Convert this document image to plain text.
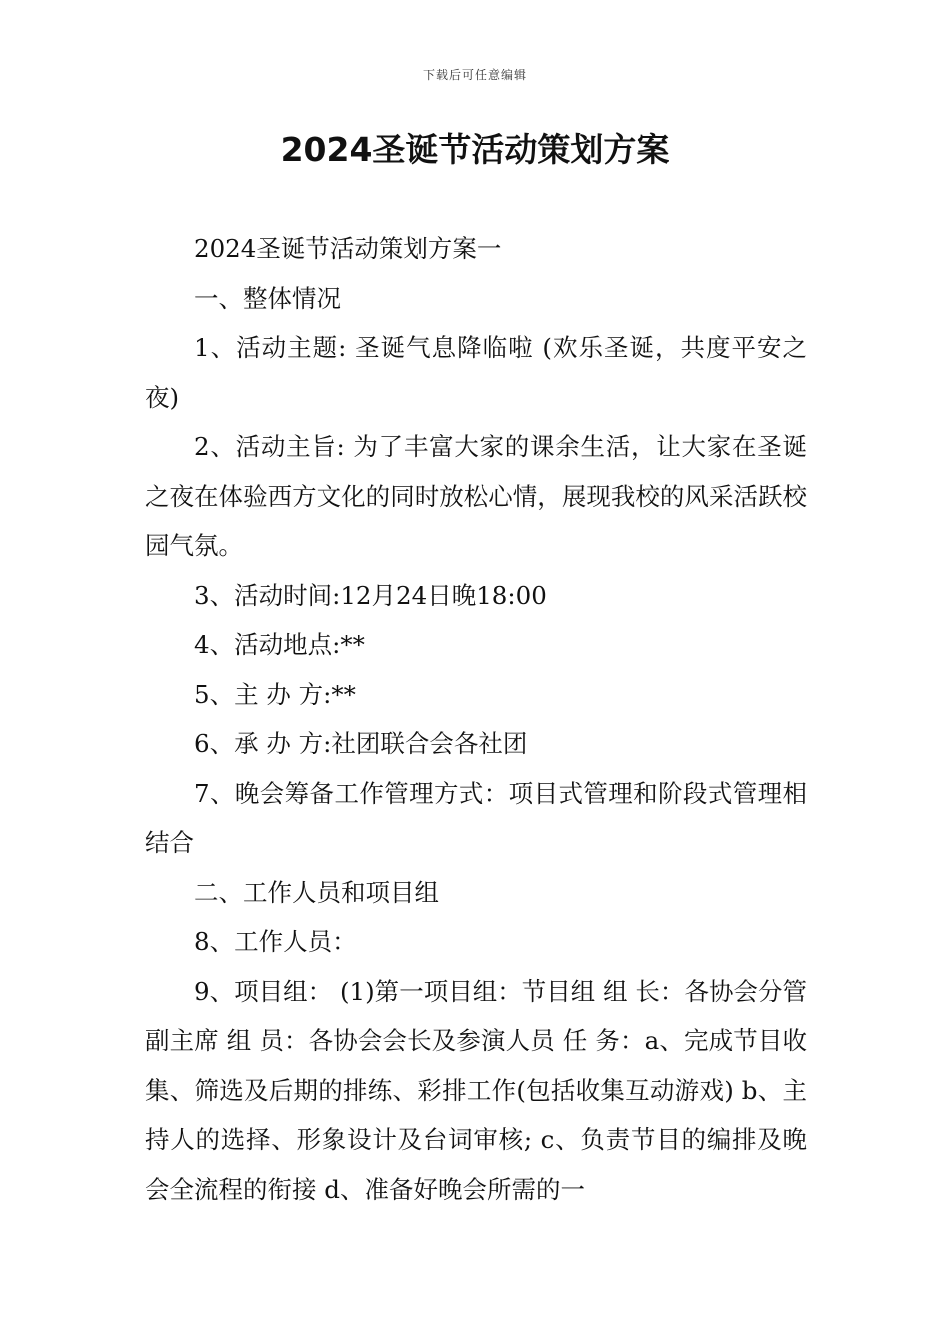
下载后可任意编辑
2024圣诞节活动策划方案

2024圣诞节活动策划方案一

一、整体情况

1、活动主题: 圣诞气息降临啦 (欢乐圣诞，共度平安之夜)

2、活动主旨: 为了丰富大家的课余生活，让大家在圣诞之夜在体验西方文化的同时放松心情，展现我校的风采活跃校园气氛。

3、活动时间:12月24日晚18:00

4、活动地点:**

5、主 办 方:**

6、承 办 方:社团联合会各社团

7、晚会筹备工作管理方式：项目式管理和阶段式管理相结合

二、工作人员和项目组

8、工作人员：

9、项目组： (1)第一项目组：节目组 组 长：各协会分管副主席 组 员：各协会会长及参演人员 任 务：a、完成节目收集、筛选及后期的排练、彩排工作(包括收集互动游戏) b、主持人的选择、形象设计及台词审核; c、负责节目的编排及晚会全流程的衔接 d、准备好晚会所需的一
